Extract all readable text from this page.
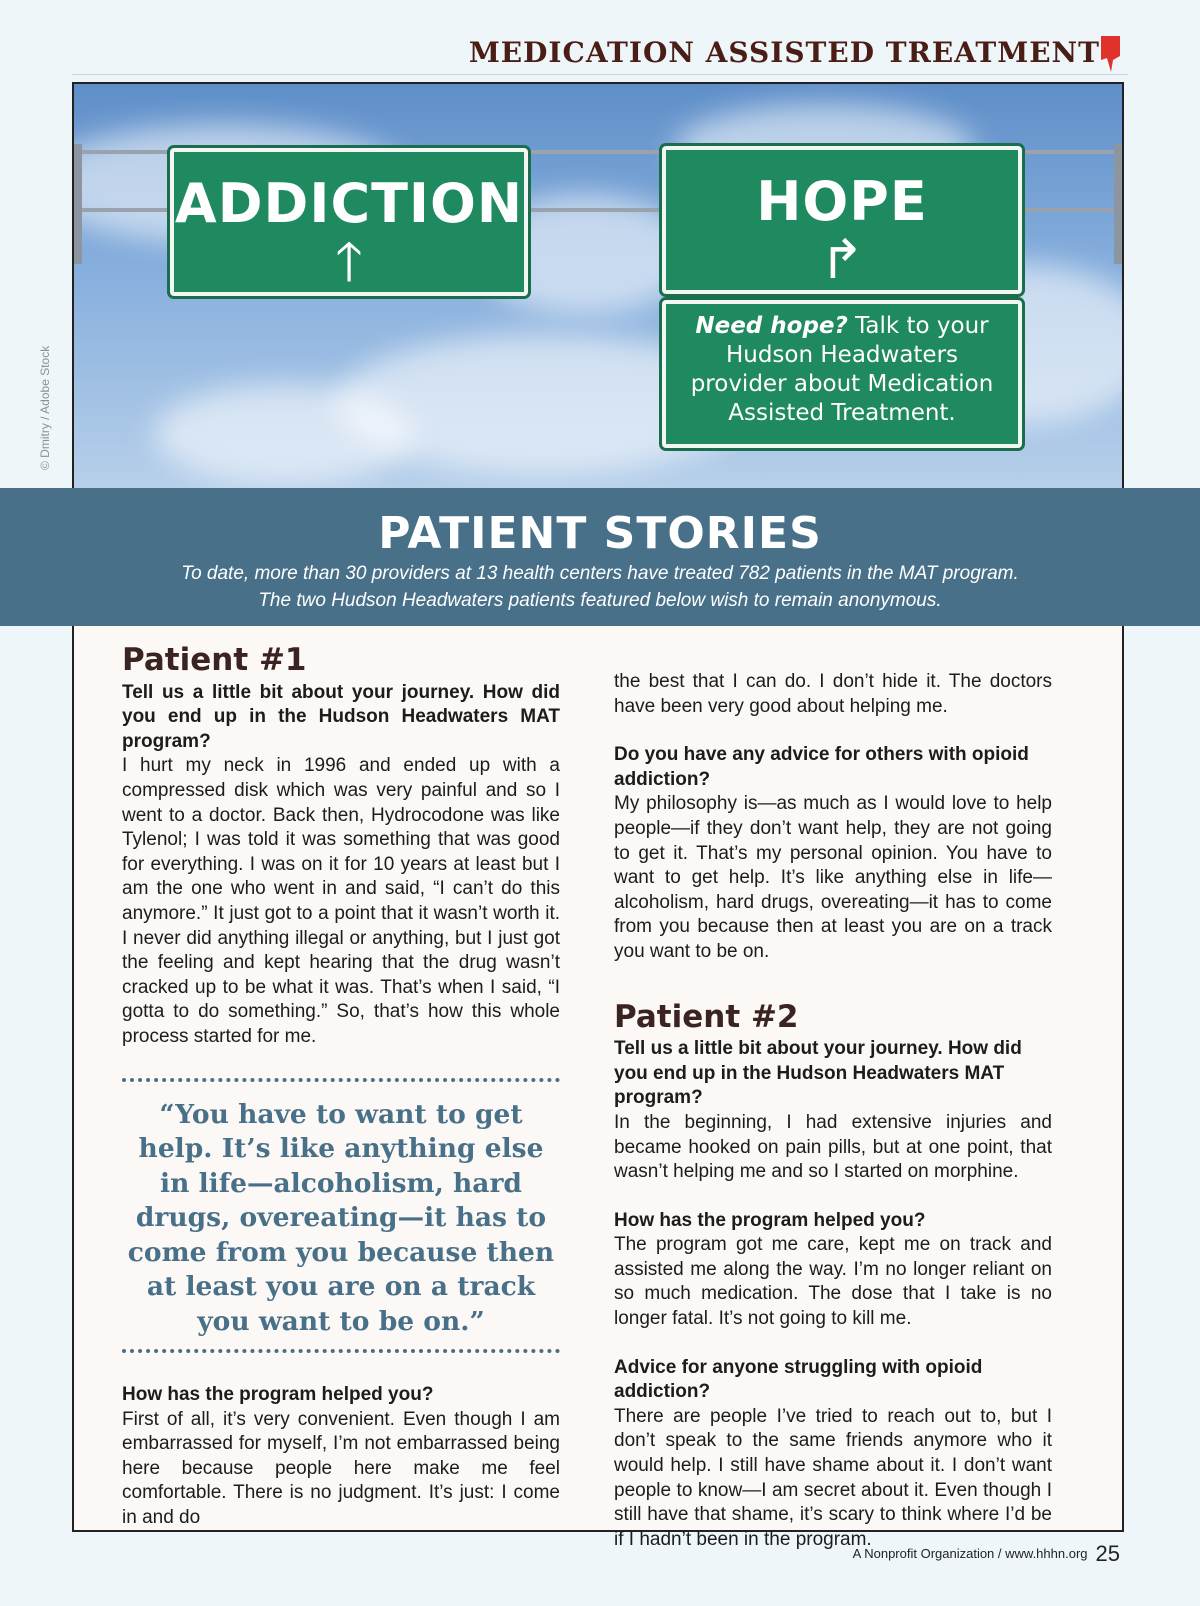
MEDICATION ASSISTED TREATMENT
ADDICTION
🡑
HOPE
↱
Need hope? Talk to your Hudson Headwaters provider about Medication Assisted Treatment.
© Dmitry / Adobe Stock
PATIENT STORIES
To date, more than 30 providers at 13 health centers have treated 782 patients in the MAT program.
The two Hudson Headwaters patients featured below wish to remain anonymous.
Patient #1

Tell us a little bit about your journey. How did you end up in the Hudson Headwaters MAT program?

I hurt my neck in 1996 and ended up with a compressed disk which was very painful and so I went to a doctor. Back then, Hydrocodone was like Tylenol; I was told it was something that was good for everything. I was on it for 10 years at least but I am the one who went in and said, “I can’t do this anymore.” It just got to a point that it wasn’t worth it. I never did anything illegal or anything, but I just got the feeling and kept hearing that the drug wasn’t cracked up to be what it was. That’s when I said, “I gotta to do something.” So, that’s how this whole process started for me.

“You have to want to get help. It’s like anything else in life—alcoholism, hard drugs, overeating—it has to come from you because then at least you are on a track you want to be on.”

How has the program helped you?

First of all, it’s very convenient. Even though I am embarrassed for myself, I’m not embarrassed being here because people here make me feel comfortable. There is no judgment. It’s just: I come in and do

the best that I can do. I don’t hide it. The doctors have been very good about helping me.

Do you have any advice for others with opioid addiction?

My philosophy is—as much as I would love to help people—if they don’t want help, they are not going to get it. That’s my personal opinion. You have to want to get help. It’s like anything else in life—alcoholism, hard drugs, overeating—it has to come from you because then at least you are on a track you want to be on.

Patient #2

Tell us a little bit about your journey. How did you end up in the Hudson Headwaters MAT program?

In the beginning, I had extensive injuries and became hooked on pain pills, but at one point, that wasn’t helping me and so I started on morphine.

How has the program helped you?

The program got me care, kept me on track and assisted me along the way. I’m no longer reliant on so much medication. The dose that I take is no longer fatal. It’s not going to kill me.

Advice for anyone struggling with opioid addiction?

There are people I’ve tried to reach out to, but I don’t speak to the same friends anymore who it would help. I still have shame about it. I don’t want people to know—I am secret about it. Even though I still have that shame, it’s scary to think where I’d be if I hadn’t been in the program.

A Nonprofit Organization / www.hhhn.org 25
